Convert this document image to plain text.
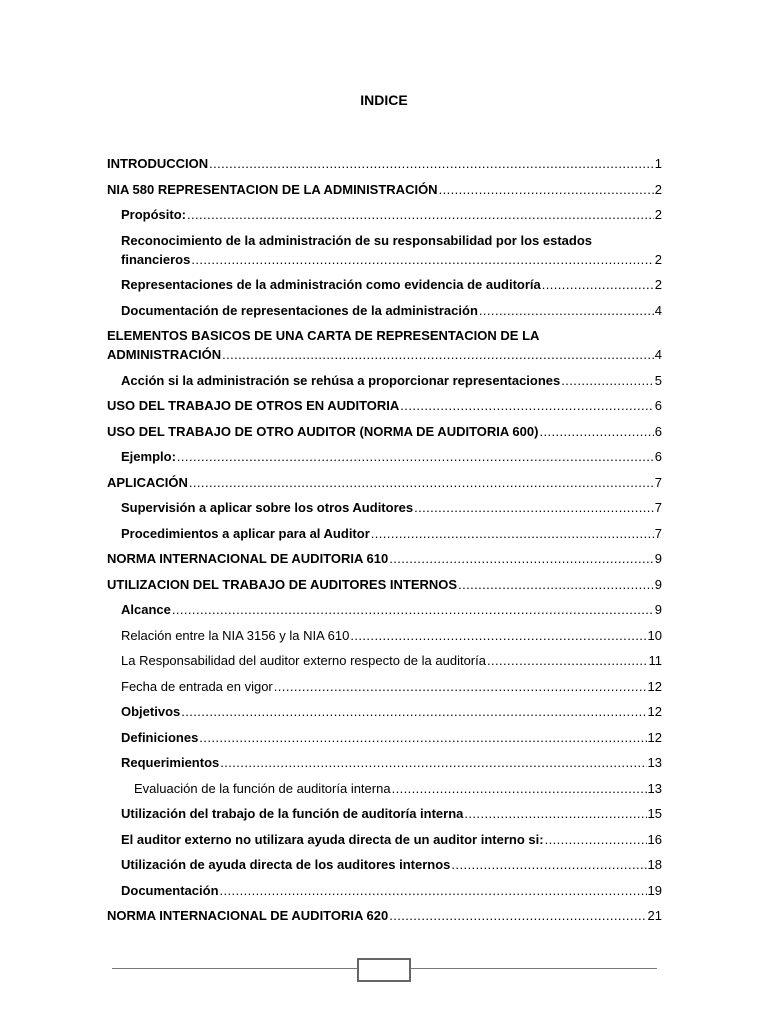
INDICE
INTRODUCCION .....	1
NIA 580 REPRESENTACION DE LA ADMINISTRACIÓN .....	2
Propósito: .....	2
Reconocimiento de la administración de su responsabilidad por los estados
financieros .....	2
Representaciones de la administración como evidencia de auditoría .....	2
Documentación de representaciones de la administración .....	4
ELEMENTOS BASICOS DE UNA CARTA DE REPRESENTACION DE LA
ADMINISTRACIÓN .....	4
Acción si la administración se rehúsa a proporcionar representaciones .....	5
USO DEL TRABAJO DE OTROS EN AUDITORIA .....	6
USO DEL TRABAJO DE OTRO AUDITOR (NORMA DE AUDITORIA 600) .....	6
Ejemplo: .....	6
APLICACIÓN .....	7
Supervisión a aplicar sobre los otros Auditores .....	7
Procedimientos a aplicar para al Auditor .....	7
NORMA INTERNACIONAL DE AUDITORIA 610 .....	9
UTILIZACION DEL TRABAJO DE AUDITORES INTERNOS .....	9
Alcance .....	9
Relación entre la NIA 3156 y la NIA 610 .....	10
La Responsabilidad del auditor externo respecto de la auditoría .....	11
Fecha de entrada en vigor .....	12
Objetivos .....	12
Definiciones .....	12
Requerimientos .....	13
Evaluación de la función de auditoría interna .....	13
Utilización del trabajo de la función de auditoría interna .....	15
El auditor externo no utilizara ayuda directa de un auditor interno si: .....	16
Utilización de ayuda directa de los auditores internos .....	18
Documentación .....	19
NORMA INTERNACIONAL DE AUDITORIA 620 .....	21
